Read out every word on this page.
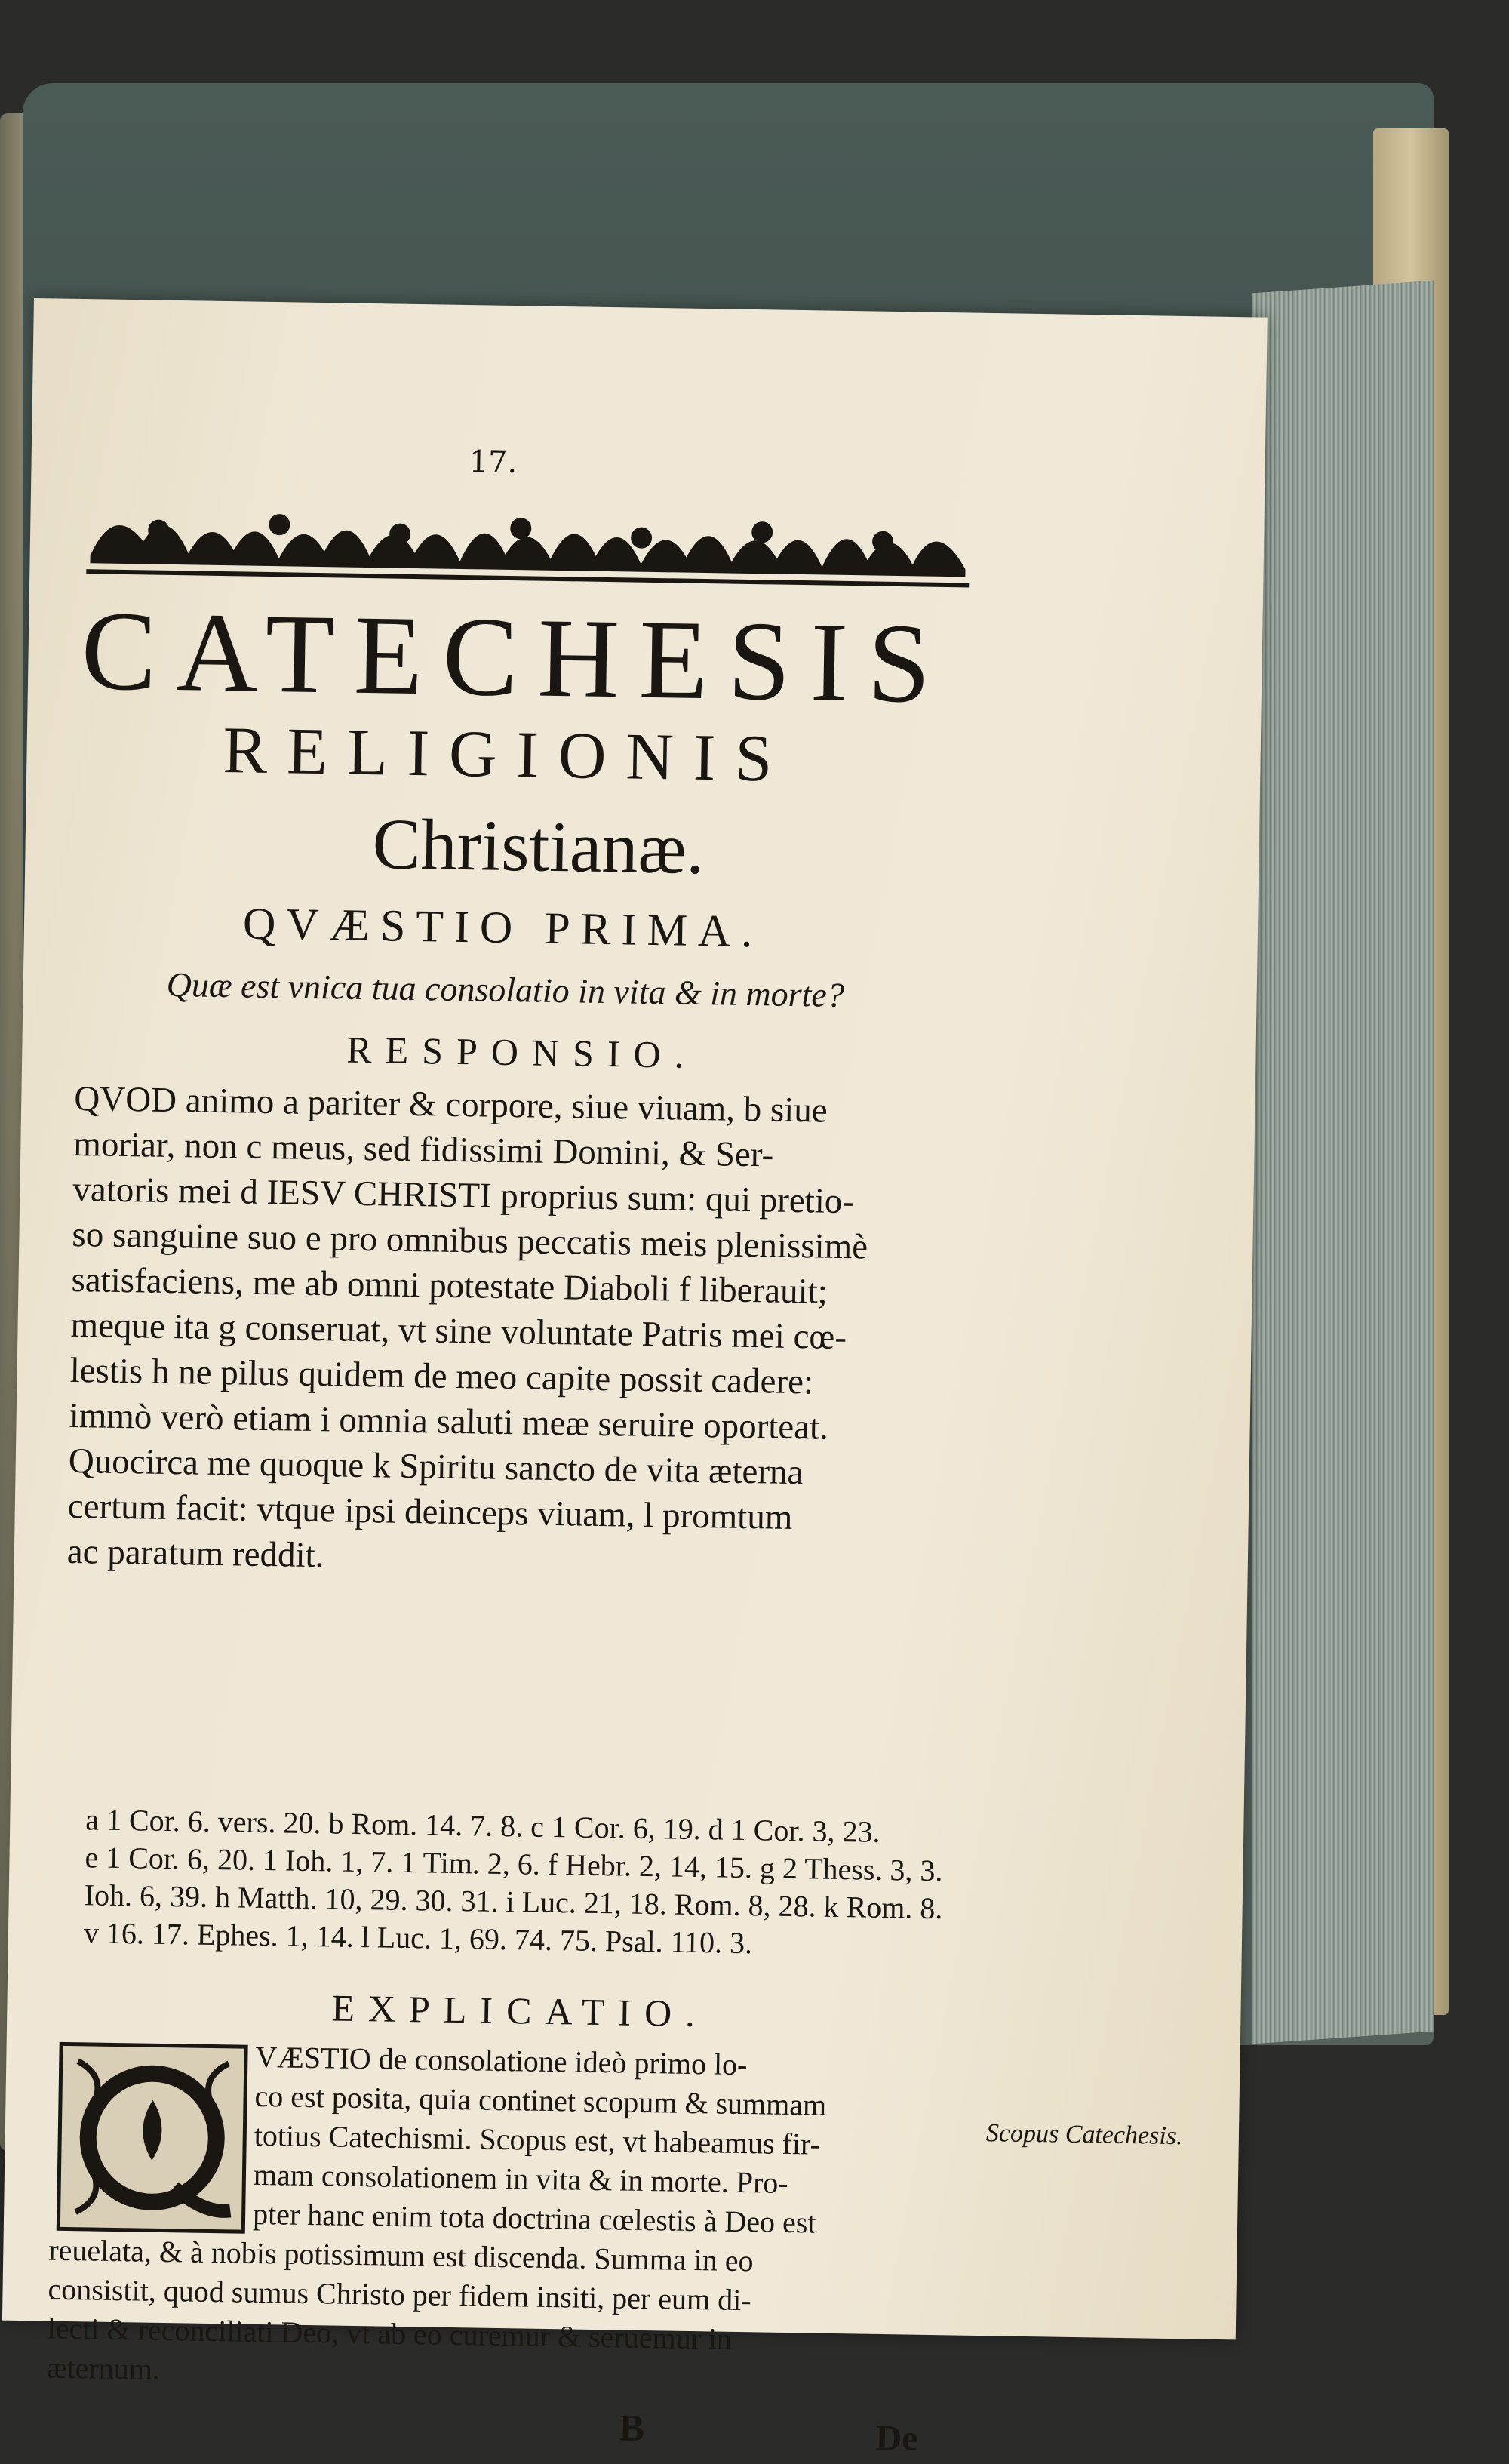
17.
CATECHESIS
RELIGIONIS
Christianæ.
QVÆSTIO PRIMA.
Quæ est vnica tua consolatio in vita & in morte?
RESPONSIO.
QVOD animo a pariter & corpore, siue viuam, b siue
moriar, non c meus, sed fidissimi Domini, & Ser-
vatoris mei d IESV CHRISTI proprius sum: qui pretio-
so sanguine suo e pro omnibus peccatis meis plenissimè
satisfaciens, me ab omni potestate Diaboli f liberauit;
meque ita g conseruat, vt sine voluntate Patris mei cœ-
lestis h ne pilus quidem de meo capite possit cadere:
immò verò etiam i omnia saluti meæ seruire oporteat.
Quocirca me quoque k Spiritu sancto de vita æterna
certum facit: vtque ipsi deinceps viuam, l promtum
ac paratum reddit.
a 1 Cor. 6. vers. 20. b Rom. 14. 7. 8. c 1 Cor. 6, 19. d 1 Cor. 3, 23.
e 1 Cor. 6, 20. 1 Ioh. 1, 7. 1 Tim. 2, 6. f Hebr. 2, 14, 15. g 2 Thess. 3, 3.
Ioh. 6, 39. h Matth. 10, 29. 30. 31. i Luc. 21, 18. Rom. 8, 28. k Rom. 8.
v 16. 17. Ephes. 1, 14. l Luc. 1, 69. 74. 75. Psal. 110. 3.
EXPLICATIO.
VÆSTIO de consolatione ideò primo lo-
co est posita, quia continet scopum & summam
totius Catechismi. Scopus est, vt habeamus fir-
mam consolationem in vita & in morte. Pro-
pter hanc enim tota doctrina cœlestis à Deo est
reuelata, & à nobis potissimum est discenda. Summa in eo
consistit, quod sumus Christo per fidem insiti, per eum di-
lecti & reconciliati Deo, vt ab eo curemur & seruemur in
æternum.
Scopus Catechesis.
B	De
